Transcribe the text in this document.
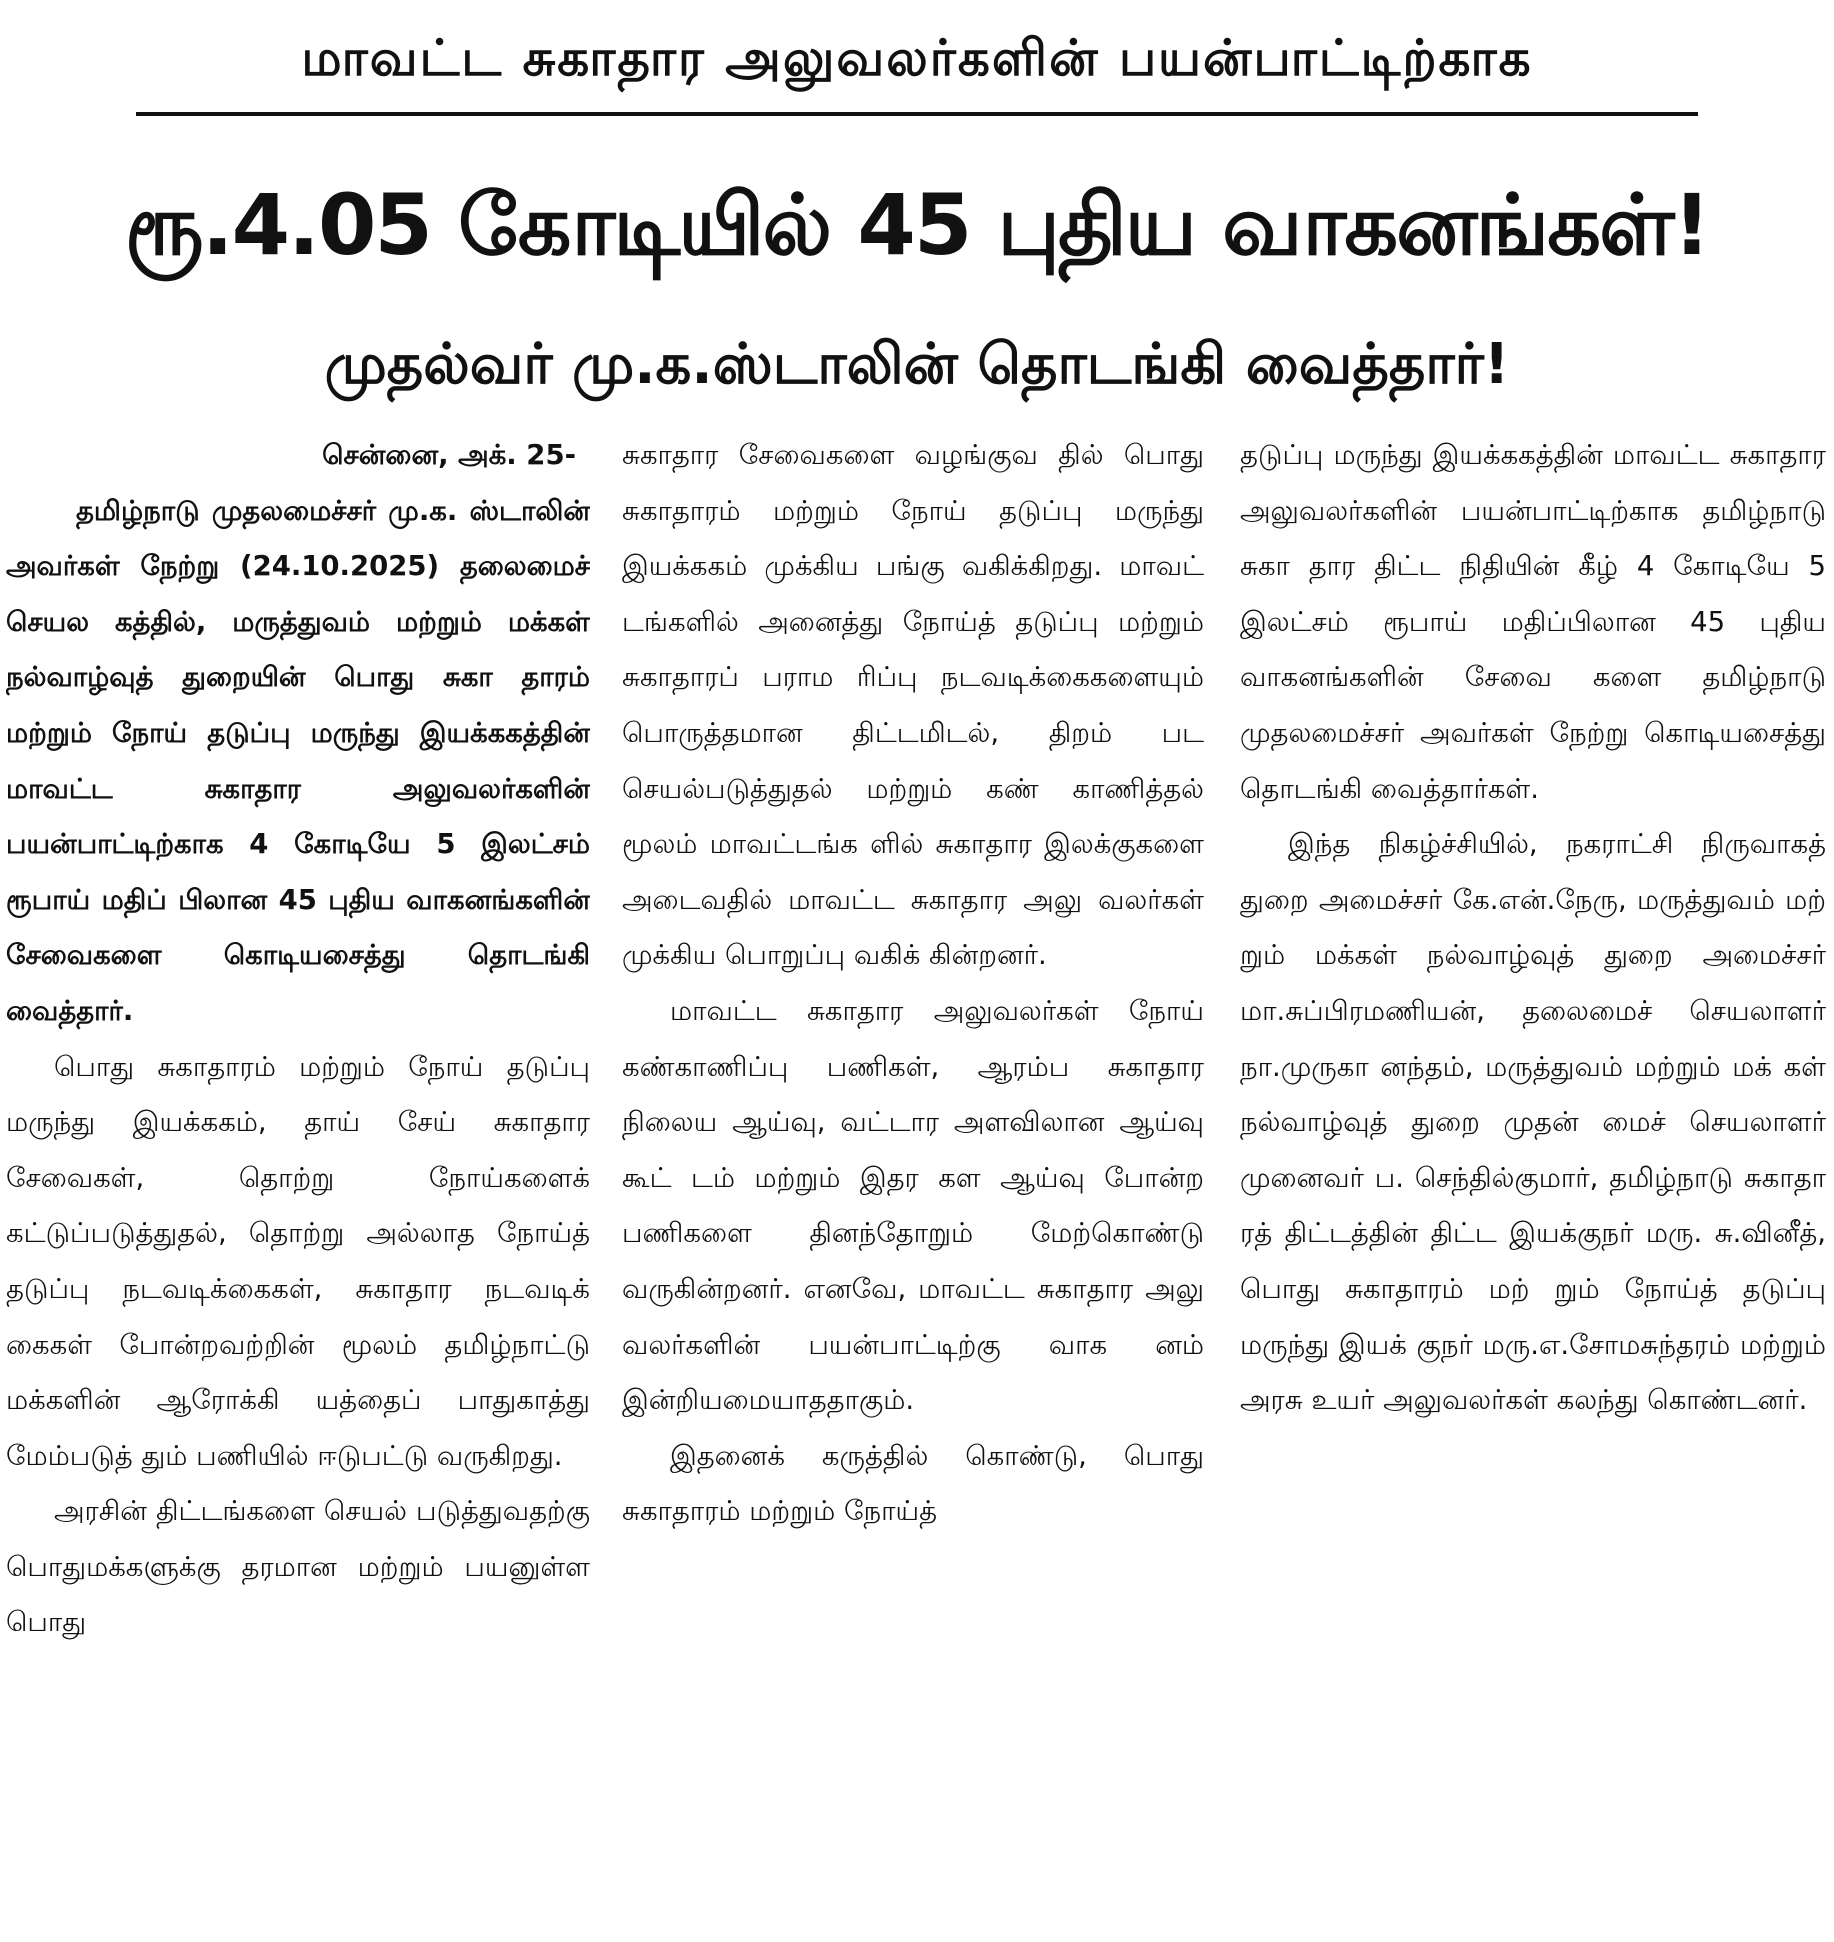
மாவட்ட சுகாதார அலுவலர்களின் பயன்பாட்டிற்காக
ரூ.4.05 கோடியில் 45 புதிய வாகனங்கள்!
முதல்வர் மு.க.ஸ்டாலின் தொடங்கி வைத்தார்!

சென்னை, அக். 25-

தமிழ்நாடு முதலமைச்சர் மு.க. ஸ்டாலின் அவர்கள் நேற்று (24.10.2025) தலைமைச் செயல கத்தில், மருத்துவம் மற்றும் மக்கள் நல்வாழ்வுத் துறையின் பொது சுகா தாரம் மற்றும் நோய் தடுப்பு மருந்து இயக்ககத்தின் மாவட்ட சுகாதார அலுவலர்களின் பயன்பாட்டிற்காக 4 கோடியே 5 இலட்சம் ரூபாய் மதிப் பிலான 45 புதிய வாகனங்களின் சேவைகளை கொடியசைத்து தொடங்கி வைத்தார்.

பொது சுகாதாரம் மற்றும் நோய் தடுப்பு மருந்து இயக்ககம், தாய் சேய் சுகாதார சேவைகள், தொற்று நோய்களைக் கட்டுப்படுத்துதல், தொற்று அல்லாத நோய்த் தடுப்பு நடவடிக்கைகள், சுகாதார நடவடிக் கைகள் போன்றவற்றின் மூலம் தமிழ்நாட்டு மக்களின் ஆரோக்கி யத்தைப் பாதுகாத்து மேம்படுத் தும் பணியில் ஈடுபட்டு வருகிறது.

அரசின் திட்டங்களை செயல் படுத்துவதற்கு பொதுமக்களுக்கு தரமான மற்றும் பயனுள்ள பொது

சுகாதார சேவைகளை வழங்குவ தில் பொது சுகாதாரம் மற்றும் நோய் தடுப்பு மருந்து இயக்ககம் முக்கிய பங்கு வகிக்கிறது. மாவட் டங்களில் அனைத்து நோய்த் தடுப்பு மற்றும் சுகாதாரப் பராம ரிப்பு நடவடிக்கைகளையும் பொருத்தமான திட்டமிடல், திறம் பட செயல்படுத்துதல் மற்றும் கண் காணித்தல் மூலம் மாவட்டங்க ளில் சுகாதார இலக்குகளை அடைவதில் மாவட்ட சுகாதார அலு வலர்கள் முக்கிய பொறுப்பு வகிக் கின்றனர்.

மாவட்ட சுகாதார அலுவலர்கள் நோய் கண்காணிப்பு பணிகள், ஆரம்ப சுகாதார நிலைய ஆய்வு, வட்டார அளவிலான ஆய்வு கூட் டம் மற்றும் இதர கள ஆய்வு போன்ற பணிகளை தினந்தோறும் மேற்கொண்டு வருகின்றனர். எனவே, மாவட்ட சுகாதார அலு வலர்களின் பயன்பாட்டிற்கு வாக னம் இன்றியமையாததாகும்.

இதனைக் கருத்தில் கொண்டு, பொது சுகாதாரம் மற்றும் நோய்த்

தடுப்பு மருந்து இயக்ககத்தின் மாவட்ட சுகாதார அலுவலர்களின் பயன்பாட்டிற்காக தமிழ்நாடு சுகா தார திட்ட நிதியின் கீழ் 4 கோடியே 5 இலட்சம் ரூபாய் மதிப்பிலான 45 புதிய வாகனங்களின் சேவை களை தமிழ்நாடு முதலமைச்சர் அவர்கள் நேற்று கொடியசைத்து தொடங்கி வைத்தார்கள்.

இந்த நிகழ்ச்சியில், நகராட்சி நிருவாகத் துறை அமைச்சர் கே.என்.நேரு, மருத்துவம் மற் றும் மக்கள் நல்வாழ்வுத் துறை அமைச்சர் மா.சுப்பிரமணியன், தலைமைச் செயலாளர் நா.முருகா னந்தம், மருத்துவம் மற்றும் மக் கள் நல்வாழ்வுத் துறை முதன் மைச் செயலாளர் முனைவர் ப. செந்தில்குமார், தமிழ்நாடு சுகாதா ரத் திட்டத்தின் திட்ட இயக்குநர் மரு. சு.வினீத், பொது சுகாதாரம் மற் றும் நோய்த் தடுப்பு மருந்து இயக் குநர் மரு.எ.சோமசுந்தரம் மற்றும் அரசு உயர் அலுவலர்கள் கலந்து கொண்டனர்.
